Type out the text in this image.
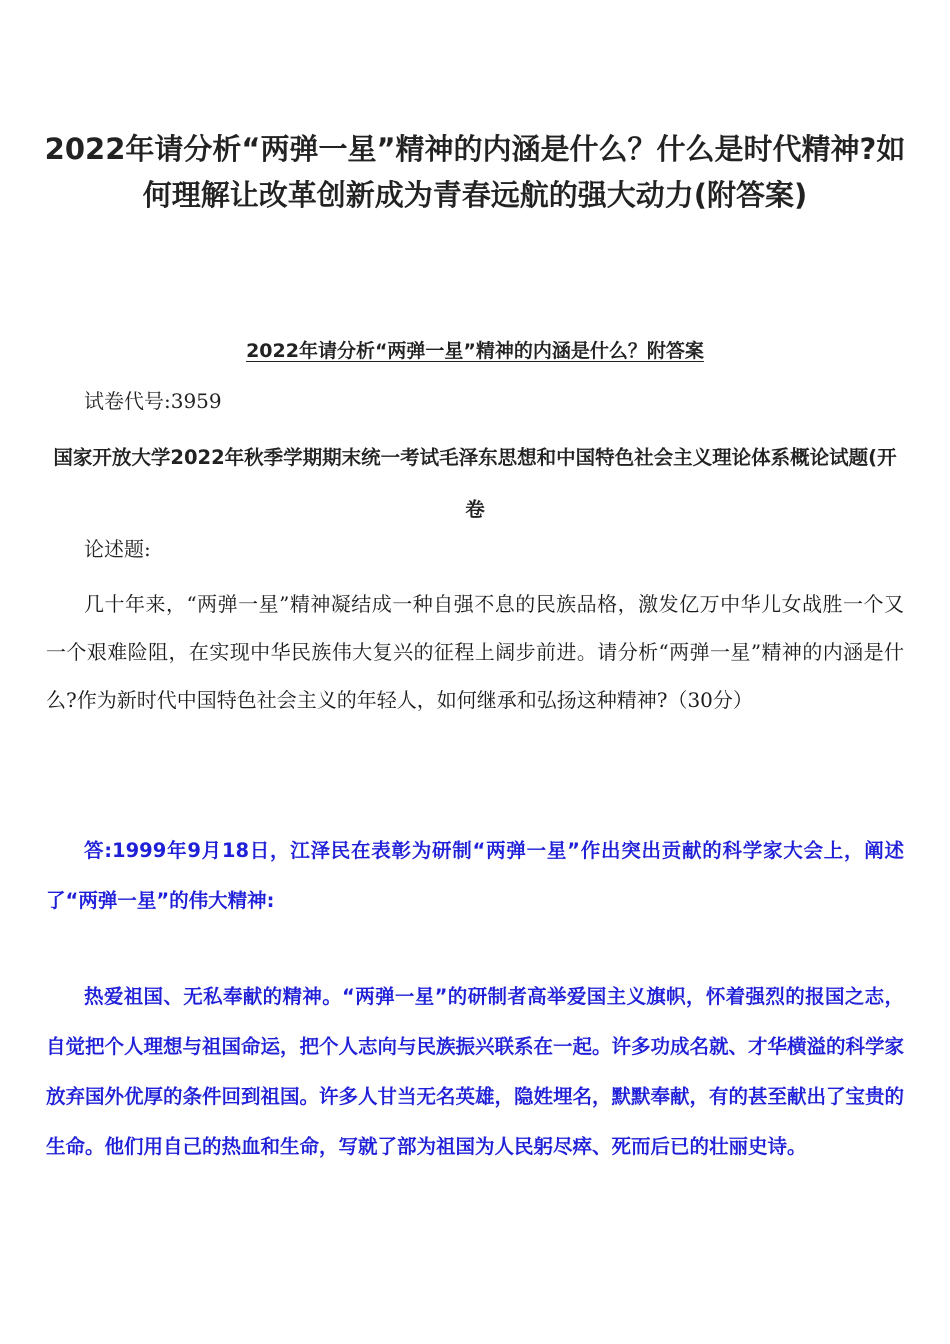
2022年请分析“两弹一星”精神的内涵是什么？什么是时代精神?如何理解让改革创新成为青春远航的强大动力(附答案)
2022年请分析“两弹一星”精神的内涵是什么？附答案
试卷代号:3959
国家开放大学2022年秋季学期期末统一考试毛泽东思想和中国特色社会主义理论体系概论试题(开卷
论述题:
几十年来，“两弹一星”精神凝结成一种自强不息的民族品格，激发亿万中华儿女战胜一个又一个艰难险阻，在实现中华民族伟大复兴的征程上阔步前进。请分析“两弹一星”精神的内涵是什么?作为新时代中国特色社会主义的年轻人，如何继承和弘扬这种精神?（30分）
答:1999年9月18日，江泽民在表彰为研制“两弹一星”作出突出贡献的科学家大会上，阐述了“两弹一星”的伟大精神:
热爱祖国、无私奉献的精神。“两弹一星”的研制者高举爱国主义旗帜，怀着强烈的报国之志，自觉把个人理想与祖国命运，把个人志向与民族振兴联系在一起。许多功成名就、才华横溢的科学家放弃国外优厚的条件回到祖国。许多人甘当无名英雄，隐姓埋名，默默奉献，有的甚至献出了宝贵的生命。他们用自己的热血和生命，写就了部为祖国为人民躬尽瘁、死而后已的壮丽史诗。
